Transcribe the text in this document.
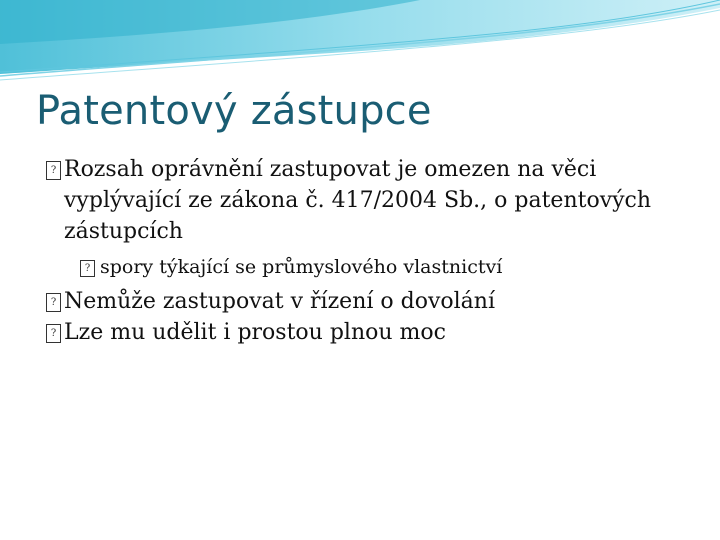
Patentový zástupce
? Rozsah oprávnění zastupovat je omezen na věci vyplývající ze zákona č. 417/2004 Sb., o patentových zástupcích
? spory týkající se průmyslového vlastnictví
? Nemůže zastupovat v řízení o dovolání
? Lze mu udělit i prostou plnou moc
